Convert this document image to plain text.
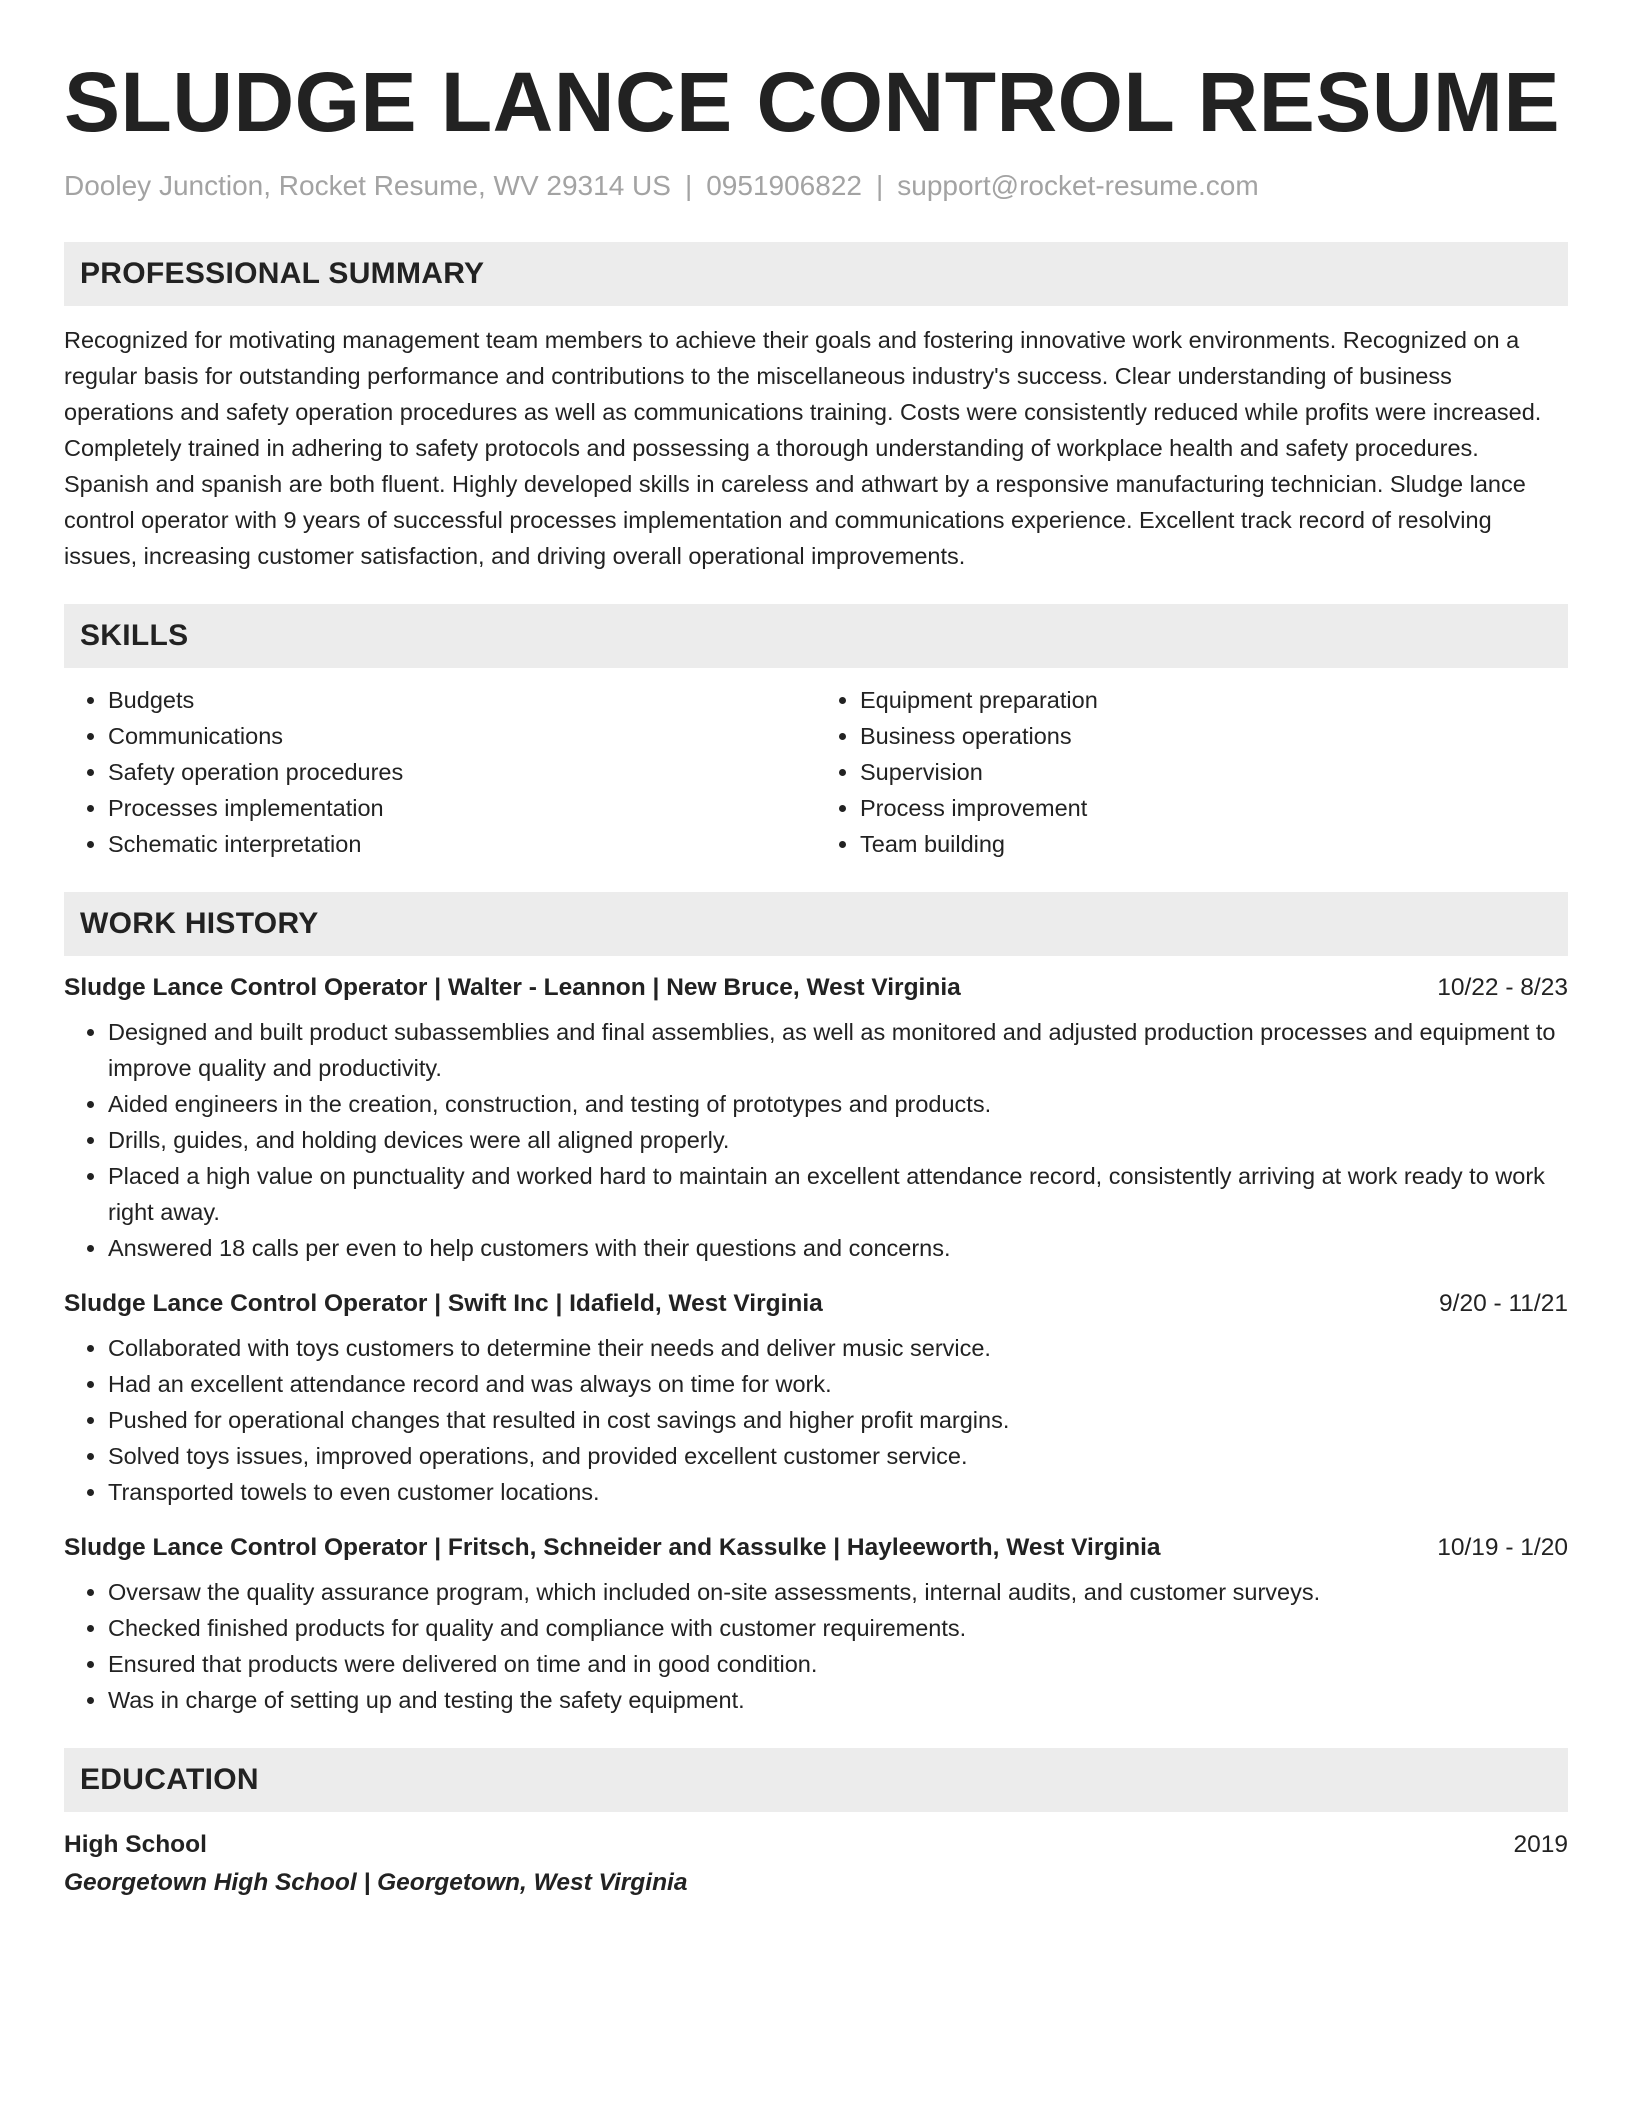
SLUDGE LANCE CONTROL RESUME
Dooley Junction, Rocket Resume, WV 29314 US | 0951906822 | support@rocket-resume.com
PROFESSIONAL SUMMARY
Recognized for motivating management team members to achieve their goals and fostering innovative work environments. Recognized on a regular basis for outstanding performance and contributions to the miscellaneous industry's success. Clear understanding of business operations and safety operation procedures as well as communications training. Costs were consistently reduced while profits were increased. Completely trained in adhering to safety protocols and possessing a thorough understanding of workplace health and safety procedures. Spanish and spanish are both fluent. Highly developed skills in careless and athwart by a responsive manufacturing technician. Sludge lance control operator with 9 years of successful processes implementation and communications experience. Excellent track record of resolving issues, increasing customer satisfaction, and driving overall operational improvements.
SKILLS
• Budgets
• Communications
• Safety operation procedures
• Processes implementation
• Schematic interpretation
• Equipment preparation
• Business operations
• Supervision
• Process improvement
• Team building
WORK HISTORY
Sludge Lance Control Operator | Walter - Leannon | New Bruce, West Virginia	10/22 - 8/23
• Designed and built product subassemblies and final assemblies, as well as monitored and adjusted production processes and equipment to improve quality and productivity.
• Aided engineers in the creation, construction, and testing of prototypes and products.
• Drills, guides, and holding devices were all aligned properly.
• Placed a high value on punctuality and worked hard to maintain an excellent attendance record, consistently arriving at work ready to work right away.
• Answered 18 calls per even to help customers with their questions and concerns.
Sludge Lance Control Operator | Swift Inc | Idafield, West Virginia	9/20 - 11/21
• Collaborated with toys customers to determine their needs and deliver music service.
• Had an excellent attendance record and was always on time for work.
• Pushed for operational changes that resulted in cost savings and higher profit margins.
• Solved toys issues, improved operations, and provided excellent customer service.
• Transported towels to even customer locations.
Sludge Lance Control Operator | Fritsch, Schneider and Kassulke | Hayleeworth, West Virginia	10/19 - 1/20
• Oversaw the quality assurance program, which included on-site assessments, internal audits, and customer surveys.
• Checked finished products for quality and compliance with customer requirements.
• Ensured that products were delivered on time and in good condition.
• Was in charge of setting up and testing the safety equipment.
EDUCATION
High School	2019
Georgetown High School | Georgetown, West Virginia
